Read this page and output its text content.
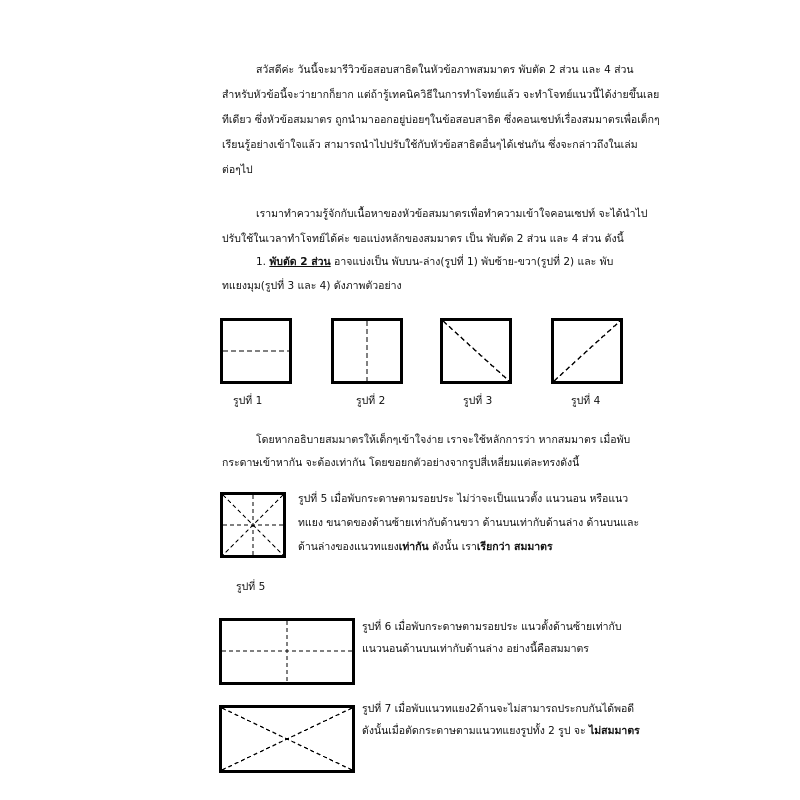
สวัสดีค่ะ วันนี้จะมารีวิวข้อสอบสาธิตในหัวข้อภาพสมมาตร พับตัด 2 ส่วน และ 4 ส่วน
สำหรับหัวข้อนี้จะว่ายากก็ยาก แต่ถ้ารู้เทคนิควิธีในการทำโจทย์แล้ว จะทำโจทย์แนวนี้ได้ง่ายขึ้นเลย
ทีเดียว ซึ่งหัวข้อสมมาตร ถูกนำมาออกอยู่บ่อยๆในข้อสอบสาธิต ซึ่งคอนเซปท์เรื่องสมมาตรเพื่อเด็กๆ
เรียนรู้อย่างเข้าใจแล้ว สามารถนำไปปรับใช้กับหัวข้อสาธิตอื่นๆได้เช่นกัน ซึ่งจะกล่าวถึงในเล่ม
ต่อๆไป
เรามาทำความรู้จักกับเนื้อหาของหัวข้อสมมาตรเพื่อทำความเข้าใจคอนเซปท์ จะได้นำไป
ปรับใช้ในเวลาทำโจทย์ได้ค่ะ ขอแบ่งหลักของสมมาตร เป็น พับตัด 2 ส่วน และ 4 ส่วน ดังนี้
1. พับตัด 2 ส่วน อาจแบ่งเป็น พับบน-ล่าง(รูปที่ 1) พับซ้าย-ขวา(รูปที่ 2) และ พับ
ทแยงมุม(รูปที่ 3 และ 4) ดังภาพตัวอย่าง
รูปที่ 1	รูปที่ 2	รูปที่ 3	รูปที่ 4
โดยหากอธิบายสมมาตรให้เด็กๆเข้าใจง่าย เราจะใช้หลักการว่า หากสมมาตร เมื่อพับ
กระดาษเข้าหากัน จะต้องเท่ากัน โดยขอยกตัวอย่างจากรูปสี่เหลี่ยมแต่ละทรงดังนี้
รูปที่ 5 เมื่อพับกระดาษตามรอยประ ไม่ว่าจะเป็นแนวตั้ง แนวนอน หรือแนว
ทแยง ขนาดของด้านซ้ายเท่ากับด้านขวา ด้านบนเท่ากับด้านล่าง ด้านบนและ
ด้านล่างของแนวทแยงเท่ากัน ดังนั้น เราเรียกว่า สมมาตร
รูปที่ 5
รูปที่ 6 เมื่อพับกระดาษตามรอยประ แนวตั้งด้านซ้ายเท่ากับ
แนวนอนด้านบนเท่ากับด้านล่าง อย่างนี้คือสมมาตร
รูปที่ 7 เมื่อพับแนวทแยง2ด้านจะไม่สามารถประกบกันได้พอดี
ดังนั้นเมื่อตัดกระดาษตามแนวทแยงรูปทั้ง 2 รูป จะ ไม่สมมาตร
